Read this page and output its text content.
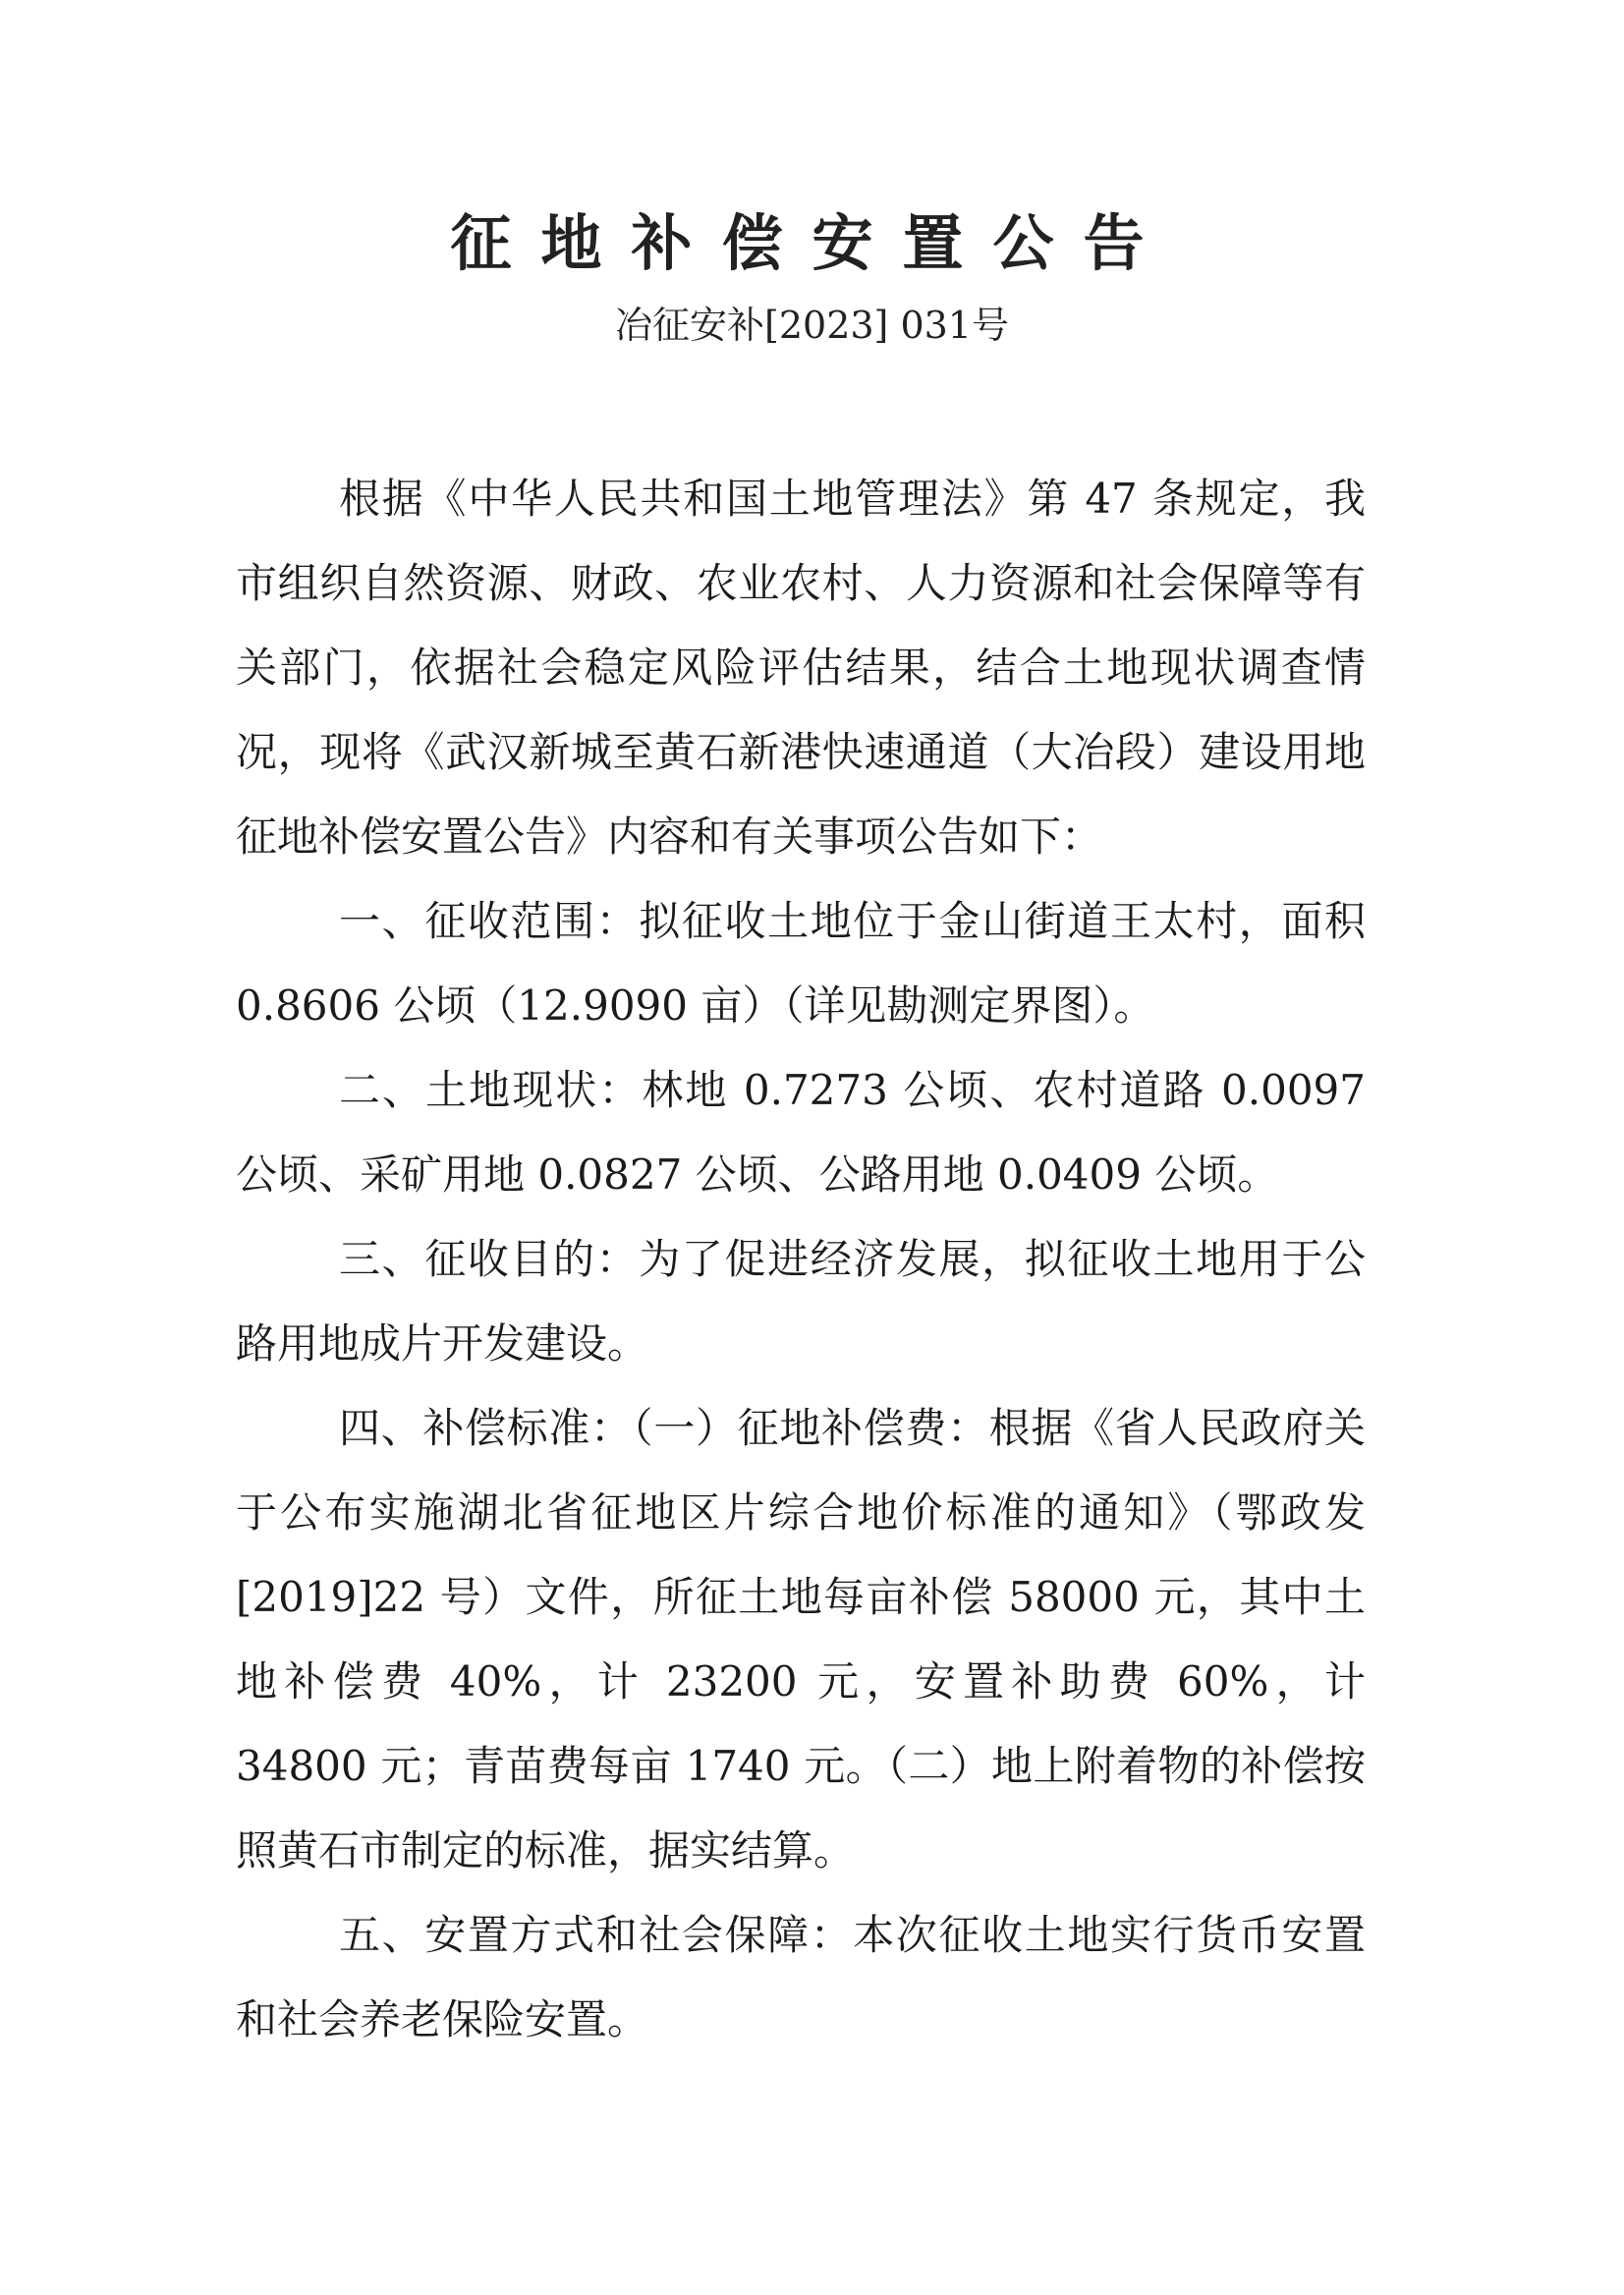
征地补偿安置公告
冶征安补[2023] 031号

根据《中华人民共和国土地管理法》第 47 条规定，我市组织自然资源、财政、农业农村、人力资源和社会保障等有关部门，依据社会稳定风险评估结果，结合土地现状调查情况，现将《武汉新城至黄石新港快速通道（大冶段）建设用地征地补偿安置公告》内容和有关事项公告如下：

一、征收范围：拟征收土地位于金山街道王太村，面积0.8606 公顷（12.9090 亩）（详见勘测定界图）。

二、土地现状：林地 0.7273 公顷、农村道路 0.0097 公顷、采矿用地 0.0827 公顷、公路用地 0.0409 公顷。

三、征收目的：为了促进经济发展，拟征收土地用于公路用地成片开发建设。

四、补偿标准：（一）征地补偿费：根据《省人民政府关于公布实施湖北省征地区片综合地价标准的通知》（鄂政发[2019]22 号）文件，所征土地每亩补偿 58000 元，其中土地补偿费 40%，计 23200 元，安置补助费 60%，计 34800 元；青苗费每亩 1740 元。（二）地上附着物的补偿按照黄石市制定的标准，据实结算。

五、安置方式和社会保障：本次征收土地实行货币安置和社会养老保险安置。
